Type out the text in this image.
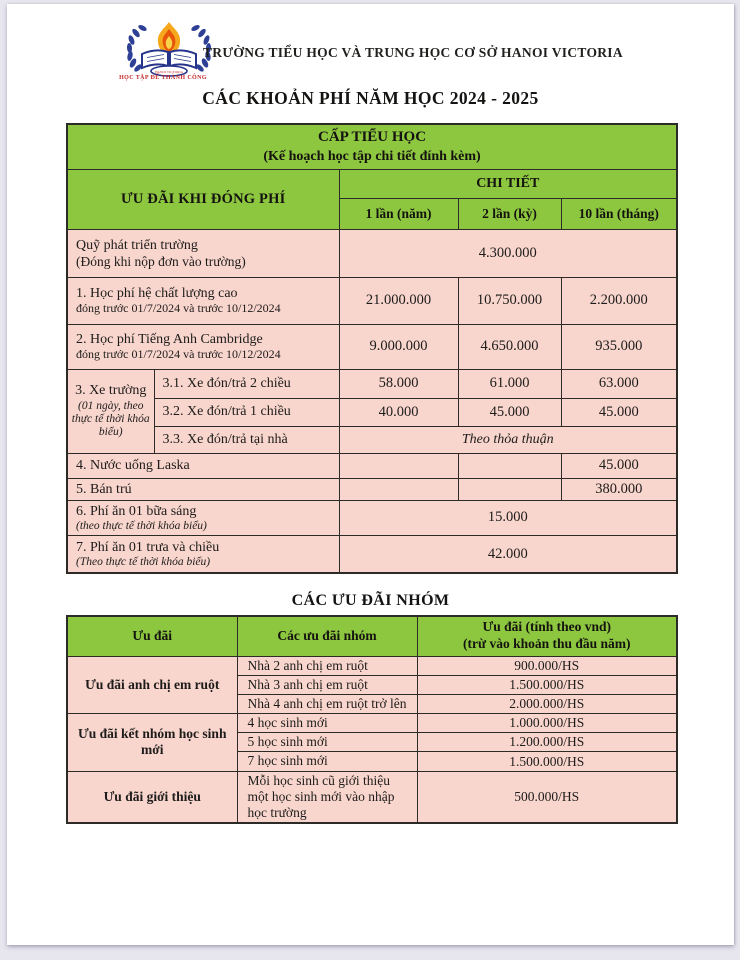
HANOI VICTORIA
HỌC TẬP ĐỂ THÀNH CÔNG
TRƯỜNG TIỂU HỌC VÀ TRUNG HỌC CƠ SỞ HANOI VICTORIA
CÁC KHOẢN PHÍ NĂM HỌC 2024 - 2025
CẤP TIỂU HỌC
(Kế hoạch học tập chi tiết đính kèm)				

ƯU ĐÃI KHI ĐÓNG PHÍ		CHI TIẾT		
		1 lần (năm)	2 lần (kỳ)	10 lần (tháng)
Quỹ phát triển trường
(Đóng khi nộp đơn vào trường)		4.300.000		
1. Học phí hệ chất lượng cao
đóng trước 01/7/2024 và trước 10/12/2024		21.000.000	10.750.000	2.200.000
2. Học phí Tiếng Anh Cambridge
đóng trước 01/7/2024 và trước 10/12/2024		9.000.000	4.650.000	935.000
3. Xe trường
(01 ngày, theo thực tế thời khóa biểu)	3.1. Xe đón/trả 2 chiều	58.000	61.000	63.000
	3.2. Xe đón/trả 1 chiều	40.000	45.000	45.000
	3.3. Xe đón/trả tại nhà	Theo thỏa thuận		
4. Nước uống Laska				45.000
5. Bán trú				380.000
6. Phí ăn 01 bữa sáng
(theo thực tế thời khóa biểu)		15.000		
7. Phí ăn 01 trưa và chiều
(Theo thực tế thời khóa biểu)		42.000		
CÁC ƯU ĐÃI NHÓM
Ưu đãi	Các ưu đãi nhóm	Ưu đãi (tính theo vnd)
(trừ vào khoản thu đầu năm)

Ưu đãi anh chị em ruột	Nhà 2 anh chị em ruột	900.000/HS
	Nhà 3 anh chị em ruột	1.500.000/HS
	Nhà 4 anh chị em ruột trở lên	2.000.000/HS
Ưu đãi kết nhóm học sinh mới	4 học sinh mới	1.000.000/HS
	5 học sinh mới	1.200.000/HS
	7 học sinh mới	1.500.000/HS
Ưu đãi giới thiệu	Mỗi học sinh cũ giới thiệu một học sinh mới vào nhập học trường	500.000/HS
